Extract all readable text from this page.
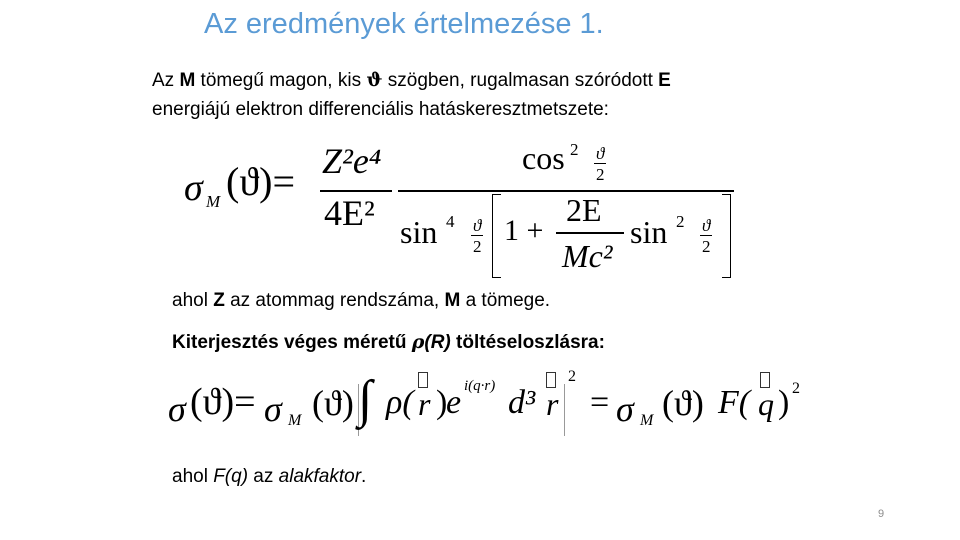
Az eredmények értelmezése 1.
Az M tömegű magon, kis ϑ szögben, rugalmasan szóródott E
energiájú elektron differenciális hatáskeresztmetszete:
σ M (ϑ)= Z²e⁴
4E²
cos 2 ϑ
2
sin 4 ϑ
2 1 +
2E
Mc²
sin 2 ϑ
2
ahol Z az atommag rendszáma, M a tömege.
Kiterjesztés véges méretű ρ(R) töltéseloszlásra:
σ (ϑ)= σ M (ϑ) ∫ ρ( r )
e i(q·r) d³ r
2
= σ M (ϑ) F( q ) 2
ahol F(q) az alakfaktor.
9
